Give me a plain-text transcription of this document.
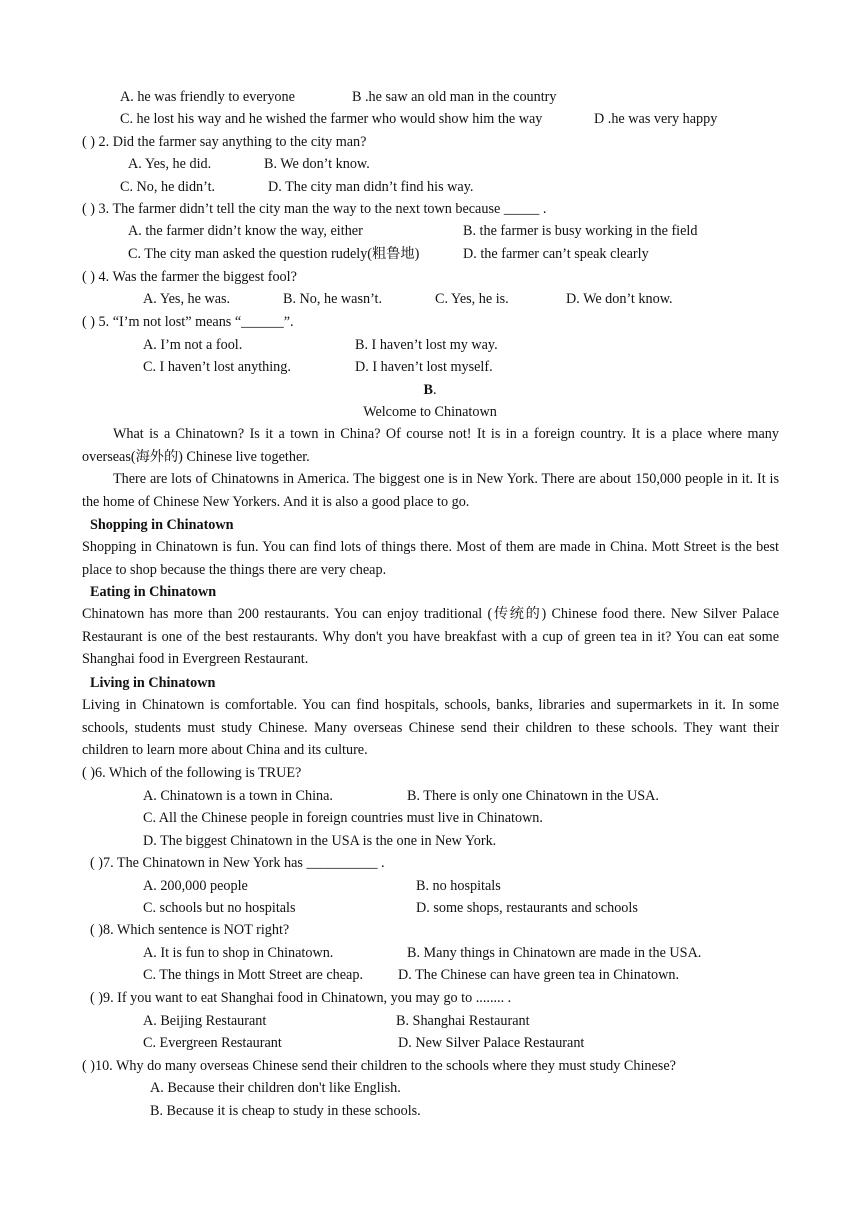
A. he was friendly to everyone	B .he saw an old man in the country
C. he lost his way and he wished the farmer who would show him the way	D .he was very happy
( ) 2. Did the farmer say anything to the city man?
A. Yes, he did.	B. We don’t know.
C. No, he didn’t.	D. The city man didn’t find his way.
( ) 3. The farmer didn’t tell the city man the way to the next town because _____ .
A. the farmer didn’t know the way, either	B. the farmer is busy working in the field
C. The city man asked the question rudely(粗鲁地)	D. the farmer can’t speak clearly
( ) 4. Was the farmer the biggest fool?
A. Yes, he was.	B. No, he wasn’t.	C. Yes, he is.	D. We don’t know.
( ) 5. “I’m not lost” means “______”.
A. I’m not a fool.	B. I haven’t lost my way.
C. I haven’t lost anything.	D. I haven’t lost myself.
B.
Welcome to Chinatown
What is a Chinatown? Is it a town in China? Of course not! It is in a foreign country. It is a place where many overseas(海外的) Chinese live together.
There are lots of Chinatowns in America. The biggest one is in New York. There are about 150,000 people in it. It is the home of Chinese New Yorkers. And it is also a good place to go.
Shopping in Chinatown
Shopping in Chinatown is fun. You can find lots of things there. Most of them are made in China. Mott Street is the best place to shop because the things there are very cheap.
Eating in Chinatown
Chinatown has more than 200 restaurants. You can enjoy traditional (传统的) Chinese food there. New Silver Palace Restaurant is one of the best restaurants. Why don't you have breakfast with a cup of green tea in it? You can eat some Shanghai food in Evergreen Restaurant.
Living in Chinatown
Living in Chinatown is comfortable. You can find hospitals, schools, banks, libraries and supermarkets in it. In some schools, students must study Chinese. Many overseas Chinese send their children to these schools. They want their children to learn more about China and its culture.
( )6. Which of the following is TRUE?
A. Chinatown is a town in China.	B. There is only one Chinatown in the USA.
C. All the Chinese people in foreign countries must live in Chinatown.
D. The biggest Chinatown in the USA is the one in New York.
( )7. The Chinatown in New York has __________ .
A. 200,000 people	B. no hospitals
C. schools but no hospitals	D. some shops, restaurants and schools
( )8. Which sentence is NOT right?
A. It is fun to shop in Chinatown.	B. Many things in Chinatown are made in the USA.
C. The things in Mott Street are cheap. D. The Chinese can have green tea in Chinatown.
( )9. If you want to eat Shanghai food in Chinatown, you may go to ........ .
A. Beijing Restaurant	B. Shanghai Restaurant
C. Evergreen Restaurant	D. New Silver Palace Restaurant
( )10. Why do many overseas Chinese send their children to the schools where they must study Chinese?
A. Because their children don't like English.
B. Because it is cheap to study in these schools.
